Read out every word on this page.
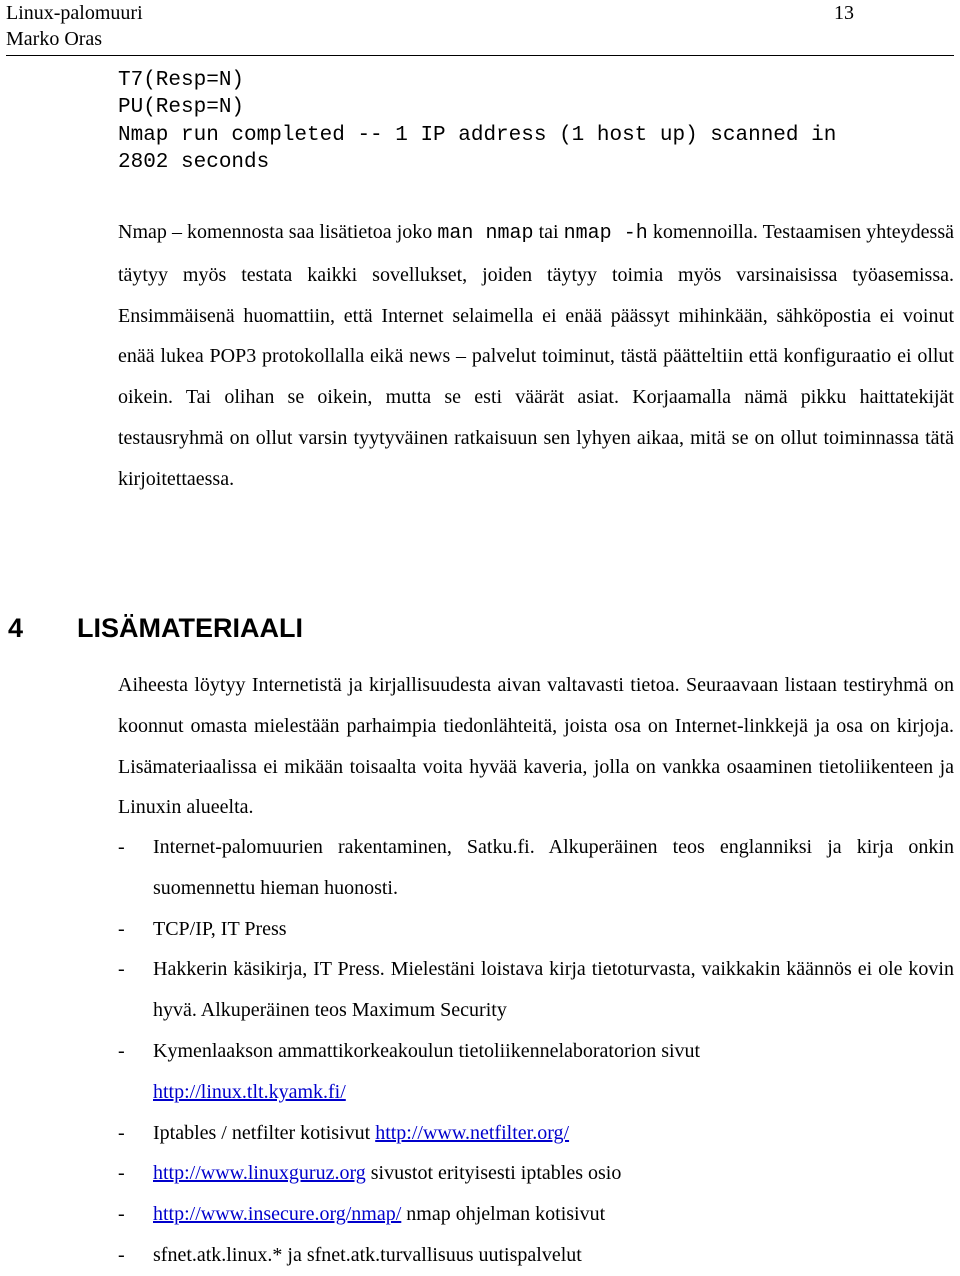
Linux-palomuuri
Marko Oras
13
T7(Resp=N)
PU(Resp=N)
Nmap run completed -- 1 IP address (1 host up) scanned in
2802 seconds
Nmap – komennosta saa lisätietoa joko man nmap tai nmap -h komennoilla. Testaamisen yhteydessä täytyy myös testata kaikki sovellukset, joiden täytyy toimia myös varsinaisissa työasemissa. Ensimmäisenä huomattiin, että Internet selaimella ei enää päässyt mihinkään, sähköpostia ei voinut enää lukea POP3 protokollalla eikä news – palvelut toiminut, tästä päätteltiin että konfiguraatio ei ollut oikein. Tai olihan se oikein, mutta se esti väärät asiat. Korjaamalla nämä pikku haittatekijät testausryhmä on ollut varsin tyytyväinen ratkaisuun sen lyhyen aikaa, mitä se on ollut toiminnassa tätä kirjoitettaessa.
4 LISÄMATERIAALI
Aiheesta löytyy Internetistä ja kirjallisuudesta aivan valtavasti tietoa. Seuraavaan listaan testiryhmä on koonnut omasta mielestään parhaimpia tiedonlähteitä, joista osa on Internet-linkkejä ja osa on kirjoja. Lisämateriaalissa ei mikään toisaalta voita hyvää kaveria, jolla on vankka osaaminen tietoliikenteen ja Linuxin alueelta.
- Internet-palomuurien rakentaminen, Satku.fi. Alkuperäinen teos englanniksi ja kirja onkin suomennettu hieman huonosti.
- TCP/IP, IT Press
- Hakkerin käsikirja, IT Press. Mielestäni loistava kirja tietoturvasta, vaikkakin käännös ei ole kovin hyvä. Alkuperäinen teos Maximum Security
- Kymenlaakson ammattikorkeakoulun tietoliikennelaboratorion sivut
http://linux.tlt.kyamk.fi/
- Iptables / netfilter kotisivut http://www.netfilter.org/
- http://www.linuxguruz.org sivustot erityisesti iptables osio
- http://www.insecure.org/nmap/ nmap ohjelman kotisivut
- sfnet.atk.linux.* ja sfnet.atk.turvallisuus uutispalvelut
